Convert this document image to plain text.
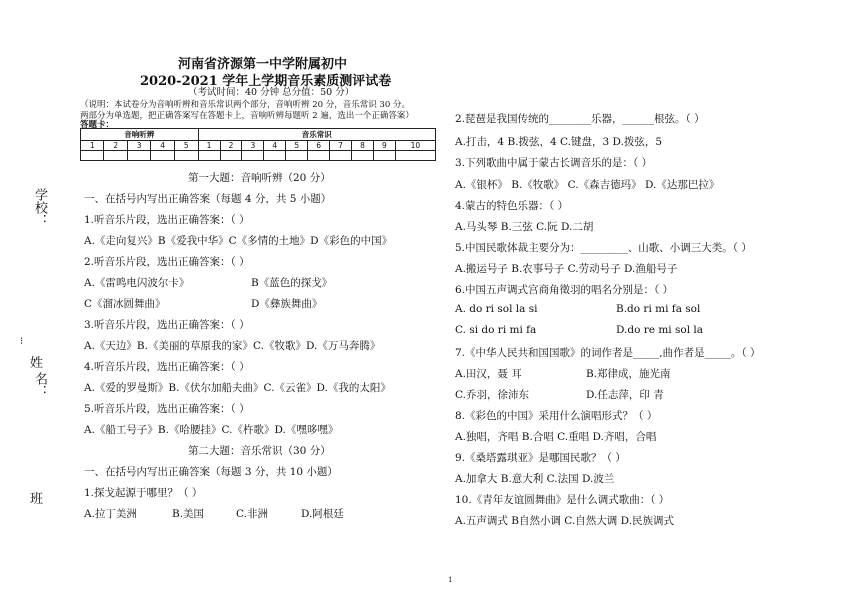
河南省济源第一中学附属初中
2020-2021 学年上学期音乐素质测评试卷
（考试时间：40 分钟 总分值：50 分）
（说明：本试卷分为音响听辨和音乐常识两个部分，音响听辨 20 分，音乐常识 30 分。
两部分为单选题，把正确答案写在答题卡上，音响听辨每题听 2 遍，选出一个正确答案）
答题卡：
学校：
姓
名：
班
⁝
音响听辨					音乐常识									
1	2	3	4	5	1	2	3	4	5	6	7	8	9	10

第一大题：音响听辨（20 分）
一、在括号内写出正确答案（每题 4 分，共 5 小题）
1.听音乐片段，选出正确答案：（ ）
A.《走向复兴》B《爱我中华》C《多情的土地》D《彩色的中国》
2.听音乐片段，选出正确答案：（ ）
A.《雷鸣电闪波尔卡》	B《蓝色的探戈》
C《溜冰圆舞曲》	D《彝族舞曲》
3.听音乐片段，选出正确答案：（ ）
A.《天边》B.《美丽的草原我的家》C.《牧歌》D.《万马奔腾》
4.听音乐片段，选出正确答案：（ ）
A.《爱的罗曼斯》B.《伏尔加船夫曲》C.《云雀》D.《我的太阳》
5.听音乐片段，选出正确答案：（ ）
A.《船工号子》B.《哈腰挂》C.《杵歌》D.《嘿哆嘿》
第二大题：音乐常识（30 分）
一、在括号内写出正确答案（每题 3 分，共 10 小题）
1.探戈起源于哪里？（ ）
A.拉丁美洲	B.美国	C.非洲	D.阿根廷
2.琵琶是我国传统的________乐器，______根弦。（ ）
A.打击，4 B.拨弦，4 C.键盘，3 D.拨弦，5
3.下列歌曲中属于蒙古长调音乐的是：（ ）
A.《银杯》 B.《牧歌》 C.《森吉德玛》 D.《达那巴拉》
4.蒙古的特色乐器：（ ）
A.马头琴 B.三弦 C.阮 D.二胡
5.中国民歌体裁主要分为：_________、山歌、小调三大类。（ ）
A.搬运号子 B.农事号子 C.劳动号子 D.渔船号子
6.中国五声调式宫商角徵羽的唱名分别是：（ ）
A. do ri sol la si	B.do ri mi fa sol
C. si do ri mi fa	D.do re mi sol la
7.《中华人民共和国国歌》的词作者是_____,曲作者是_____。（ ）
A.田汉，聂 耳	B.郑律成，施光南
C.乔羽，徐沛东	D.任志萍，印 青
8.《彩色的中国》采用什么演唱形式？（ ）
A.独唱，齐唱 B.合唱 C.重唱 D.齐唱，合唱
9.《桑塔露琪亚》是哪国民歌？（ ）
A.加拿大 B.意大利 C.法国 D.波兰
10.《青年友谊圆舞曲》是什么调式歌曲：（ ）
A.五声调式 B自然小调 C.自然大调 D.民族调式
1
